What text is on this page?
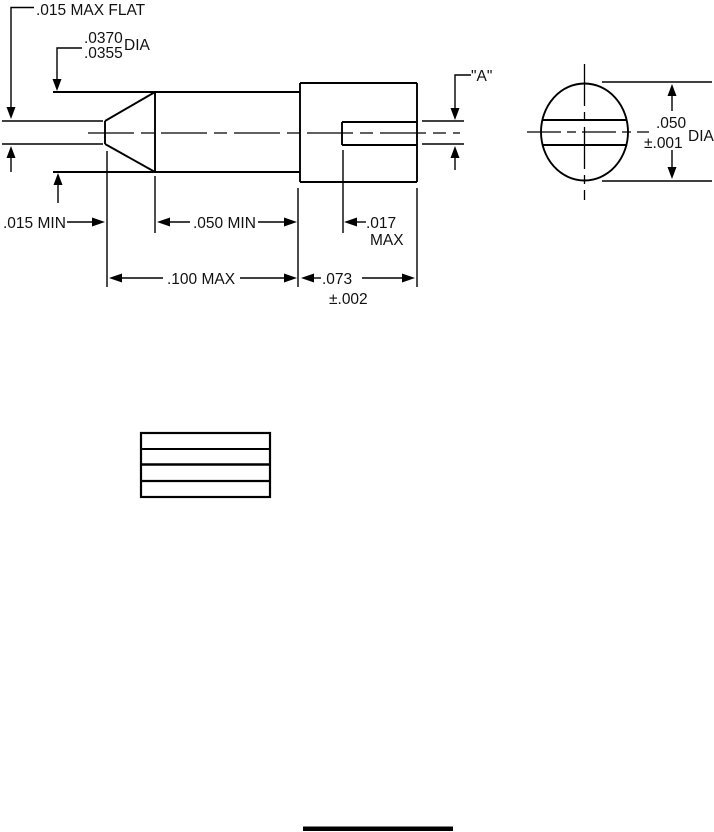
.015 MAX FLAT
.0370
.0355 DIA
"A"
.015 MIN	.050 MIN	.017
MAX
.100 MAX	.073
±.002
.050
±.001 DIA
